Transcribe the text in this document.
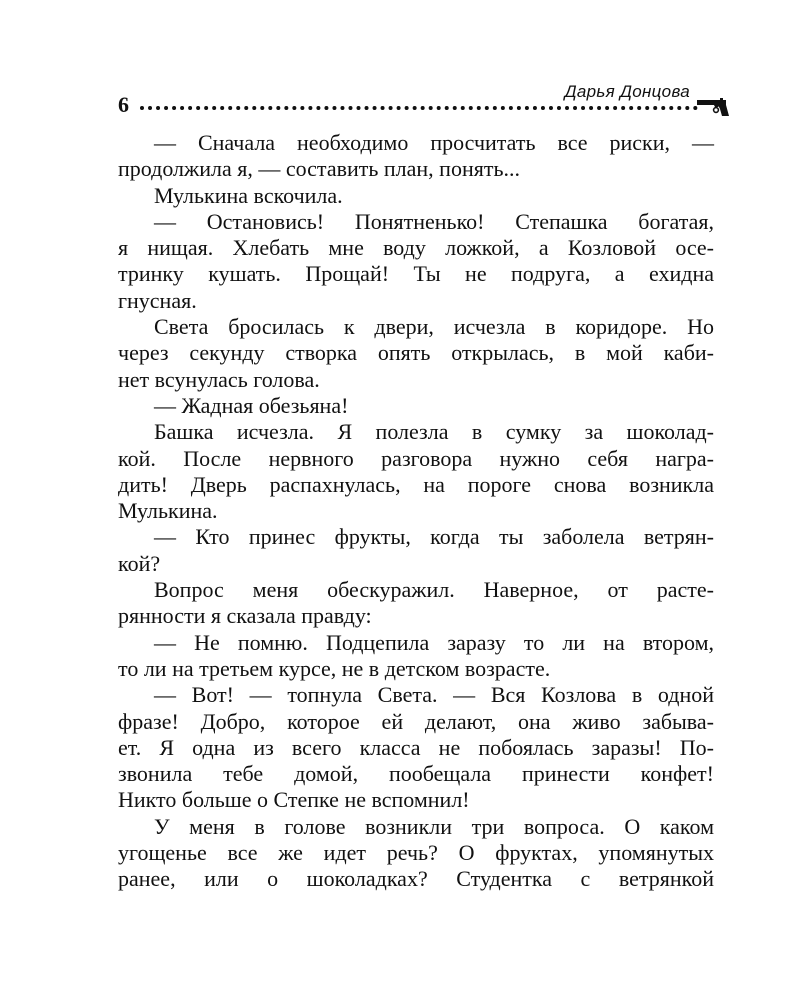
6
Дарья Донцова
— Сначала необходимо просчитать все риски, —
продолжила я, — составить план, понять...
Мулькина вскочила.
— Остановись! Понятненько! Степашка богатая,
я нищая. Хлебать мне воду ложкой, а Козловой осе-
тринку кушать. Прощай! Ты не подруга, а ехидна
гнусная.
Света бросилась к двери, исчезла в коридоре. Но
через секунду створка опять открылась, в мой каби-
нет всунулась голова.
— Жадная обезьяна!
Башка исчезла. Я полезла в сумку за шоколад-
кой. После нервного разговора нужно себя награ-
дить! Дверь распахнулась, на пороге снова возникла
Мулькина.
— Кто принес фрукты, когда ты заболела ветрян-
кой?
Вопрос меня обескуражил. Наверное, от расте-
рянности я сказала правду:
— Не помню. Подцепила заразу то ли на втором,
то ли на третьем курсе, не в детском возрасте.
— Вот! — топнула Света. — Вся Козлова в одной
фразе! Добро, которое ей делают, она живо забыва-
ет. Я одна из всего класса не побоялась заразы! По-
звонила тебе домой, пообещала принести конфет!
Никто больше о Степке не вспомнил!
У меня в голове возникли три вопроса. О каком
угощенье все же идет речь? О фруктах, упомянутых
ранее, или о шоколадках? Студентка с ветрянкой
